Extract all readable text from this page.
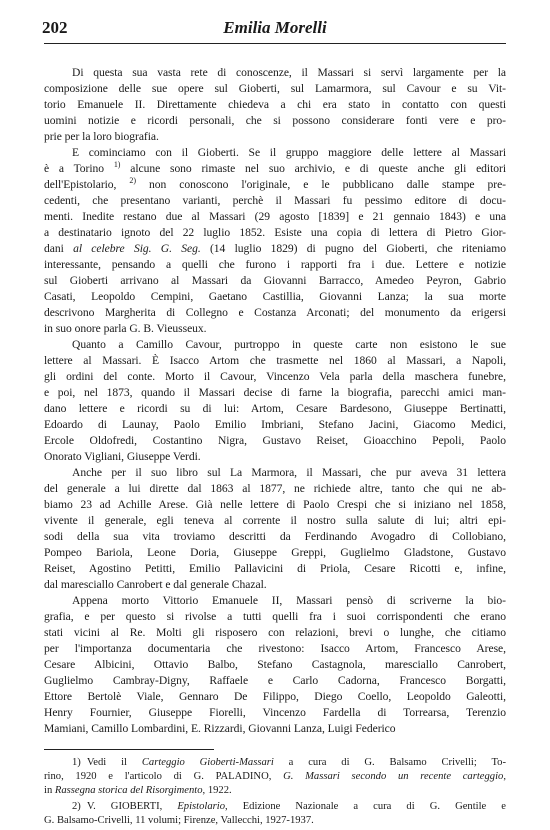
202	Emilia Morelli
Di questa sua vasta rete di conoscenze, il Massari si servì largamente per la
composizione delle sue opere sul Gioberti, sul Lamarmora, sul Cavour e su Vit-
torio Emanuele II. Direttamente chiedeva a chi era stato in contatto con questi
uomini notizie e ricordi personali, che si possono considerare fonti vere e pro-
prie per la loro biografia.
E cominciamo con il Gioberti. Se il gruppo maggiore delle lettere al Massari
è a Torino $^{1)}$ alcune sono rimaste nel suo archivio, e di queste anche gli editori
dell'Epistolario, $^{2)}$ non conoscono l'originale, e le pubblicano dalle stampe pre-
cedenti, che presentano varianti, perchè il Massari fu pessimo editore di docu-
menti. Inedite restano due al Massari (29 agosto [1839] e 21 gennaio 1843) e una
a destinatario ignoto del 22 luglio 1852. Esiste una copia di lettera di Pietro Gior-
dani al celebre Sig. G. Seg. (14 luglio 1829) di pugno del Gioberti, che riteniamo
interessante, pensando a quelli che furono i rapporti fra i due. Lettere e notizie
sul Gioberti arrivano al Massari da Giovanni Barracco, Amedeo Peyron, Gabrio
Casati, Leopoldo Cempini, Gaetano Castillia, Giovanni Lanza; la sua morte
descrivono Margherita di Collegno e Costanza Arconati; del monumento da erigersi
in suo onore parla G. B. Vieusseux.
Quanto a Camillo Cavour, purtroppo in queste carte non esistono le sue
lettere al Massari. È Isacco Artom che trasmette nel 1860 al Massari, a Napoli,
gli ordini del conte. Morto il Cavour, Vincenzo Vela parla della maschera funebre,
e poi, nel 1873, quando il Massari decise di farne la biografia, parecchi amici man-
dano lettere e ricordi su di lui: Artom, Cesare Bardesono, Giuseppe Bertinatti,
Edoardo di Launay, Paolo Emilio Imbriani, Stefano Jacini, Giacomo Medici,
Ercole Oldofredi, Costantino Nigra, Gustavo Reiset, Gioacchino Pepoli, Paolo
Onorato Vigliani, Giuseppe Verdi.
Anche per il suo libro sul La Marmora, il Massari, che pur aveva 31 lettera
del generale a lui dirette dal 1863 al 1877, ne richiede altre, tanto che qui ne ab-
biamo 23 ad Achille Arese. Già nelle lettere di Paolo Crespi che si iniziano nel 1858,
vivente il generale, egli teneva al corrente il nostro sulla salute di lui; altri epi-
sodi della sua vita troviamo descritti da Ferdinando Avogadro di Collobiano,
Pompeo Bariola, Leone Doria, Giuseppe Greppi, Guglielmo Gladstone, Gustavo
Reiset, Agostino Petitti, Emilio Pallavicini di Priola, Cesare Ricotti e, infine,
dal maresciallo Canrobert e dal generale Chazal.
Appena morto Vittorio Emanuele II, Massari pensò di scriverne la bio-
grafia, e per questo si rivolse a tutti quelli fra i suoi corrispondenti che erano
stati vicini al Re. Molti gli risposero con relazioni, brevi o lunghe, che citiamo
per l'importanza documentaria che rivestono: Isacco Artom, Francesco Arese,
Cesare Albicini, Ottavio Balbo, Stefano Castagnola, maresciallo Canrobert,
Guglielmo Cambray-Digny, Raffaele e Carlo Cadorna, Francesco Borgatti,
Ettore Bertolè Viale, Gennaro De Filippo, Diego Coello, Leopoldo Galeotti,
Henry Fournier, Giuseppe Fiorelli, Vincenzo Fardella di Torrearsa, Terenzio
Mamiani, Camillo Lombardini, E. Rizzardi, Giovanni Lanza, Luigi Federico
1) Vedi il Carteggio Gioberti-Massari a cura di G. Balsamo Crivelli; To-
rino, 1920 e l'articolo di G. PALADINO, G. Massari secondo un recente carteggio,
in Rassegna storica del Risorgimento, 1922.
2) V. GIOBERTI, Epistolario, Edizione Nazionale a cura di G. Gentile e
G. Balsamo-Crivelli, 11 volumi; Firenze, Vallecchi, 1927-1937.
